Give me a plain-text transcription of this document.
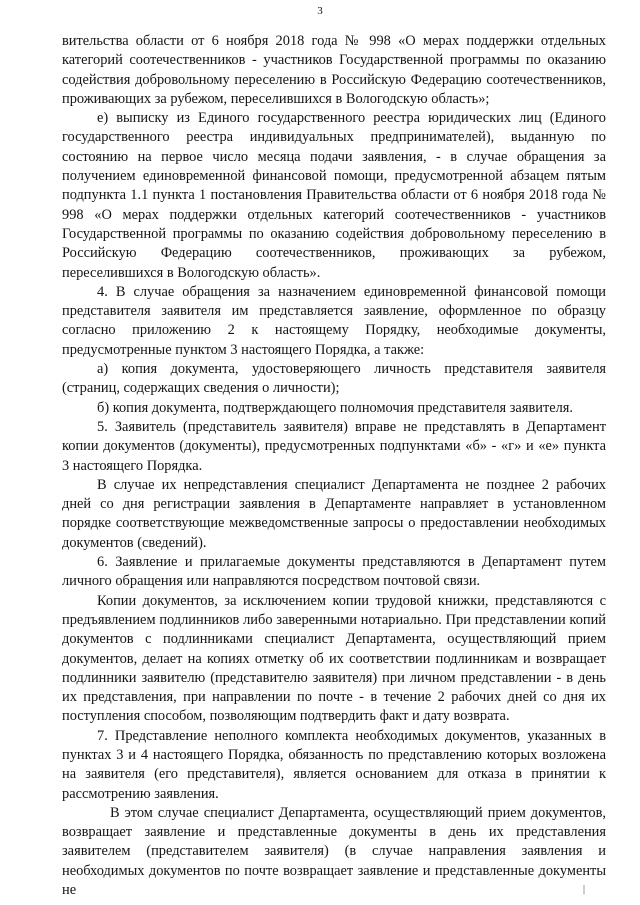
3

вительства области от 6 ноября 2018 года № 998 «О мерах поддержки отдельных категорий соотечественников - участников Государственной программы по оказанию содействия добровольному переселению в Российскую Федерацию соотечественников, проживающих за рубежом, переселившихся в Вологодскую область»;

е) выписку из Единого государственного реестра юридических лиц (Единого государственного реестра индивидуальных предпринимателей), выданную по состоянию на первое число месяца подачи заявления, - в случае обращения за получением единовременной финансовой помощи, предусмотренной абзацем пятым подпункта 1.1 пункта 1 постановления Правительства области от 6 ноября 2018 года № 998 «О мерах поддержки отдельных категорий соотечественников - участников Государственной программы по оказанию содействия добровольному переселению в Российскую Федерацию соотечественников, проживающих за рубежом, переселившихся в Вологодскую область».

4. В случае обращения за назначением единовременной финансовой помощи представителя заявителя им представляется заявление, оформленное по образцу согласно приложению 2 к настоящему Порядку, необходимые документы, предусмотренные пунктом 3 настоящего Порядка, а также:

а) копия документа, удостоверяющего личность представителя заявителя (страниц, содержащих сведения о личности);

б) копия документа, подтверждающего полномочия представителя заявителя.

5. Заявитель (представитель заявителя) вправе не представлять в Департамент копии документов (документы), предусмотренных подпунктами «б» - «г» и «е» пункта 3 настоящего Порядка.

В случае их непредставления специалист Департамента не позднее 2 рабочих дней со дня регистрации заявления в Департаменте направляет в установленном порядке соответствующие межведомственные запросы о предоставлении необходимых документов (сведений).

6. Заявление и прилагаемые документы представляются в Департамент путем личного обращения или направляются посредством почтовой связи.

Копии документов, за исключением копии трудовой книжки, представляются с предъявлением подлинников либо заверенными нотариально. При представлении копий документов с подлинниками специалист Департамента, осуществляющий прием документов, делает на копиях отметку об их соответствии подлинникам и возвращает подлинники заявителю (представителю заявителя) при личном представлении - в день их представления, при направлении по почте - в течение 2 рабочих дней со дня их поступления способом, позволяющим подтвердить факт и дату возврата.

7. Представление неполного комплекта необходимых документов, указанных в пунктах 3 и 4 настоящего Порядка, обязанность по представлению которых возложена на заявителя (его представителя), является основанием для отказа в принятии к рассмотрению заявления.

В этом случае специалист Департамента, осуществляющий прием документов, возвращает заявление и представленные документы в день их представления заявителем (представителем заявителя) (в случае направления заявления и необходимых документов по почте возвращает заявление и представленные документы не	|
